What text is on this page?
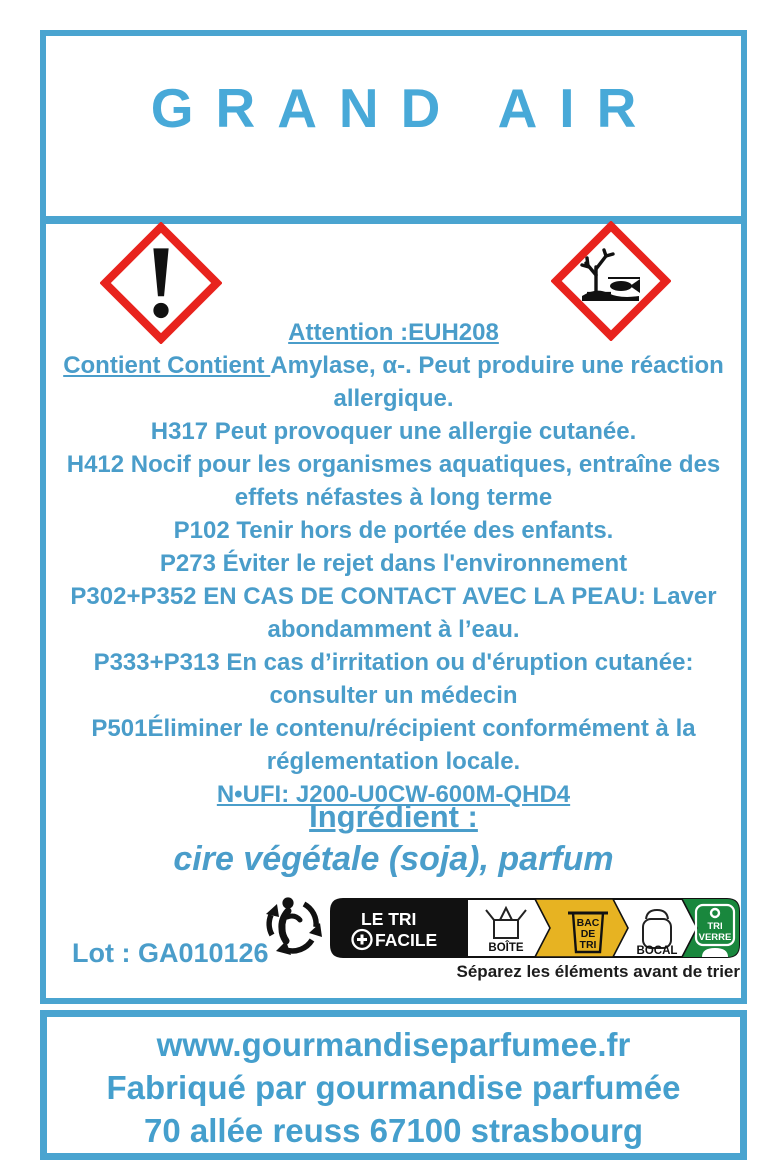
GRAND AIR
Attention :EUH208
Contient Contient Amylase, α-. Peut produire une réaction allergique.
H317 Peut provoquer une allergie cutanée.
H412 Nocif pour les organismes aquatiques, entraîne des effets néfastes à long terme
P102 Tenir hors de portée des enfants.
P273 Éviter le rejet dans l'environnement
P302+P352 EN CAS DE CONTACT AVEC LA PEAU: Laver abondamment à l’eau.
P333+P313 En cas d’irritation ou d'éruption cutanée: consulter un médecin
P501Éliminer le contenu/récipient conformément à la réglementation locale.
N•UFI: J200-U0CW-600M-QHD4
Ingrédient :
cire végétale (soja), parfum
Lot : GA010126
LE TRI
FACILE	BOÎTE
BAC
DE
TRI	BOCAL
TRI
VERRE
Séparez les éléments avant de trier
www.gourmandiseparfumee.fr
Fabriqué par gourmandise parfumée
70 allée reuss 67100 strasbourg
